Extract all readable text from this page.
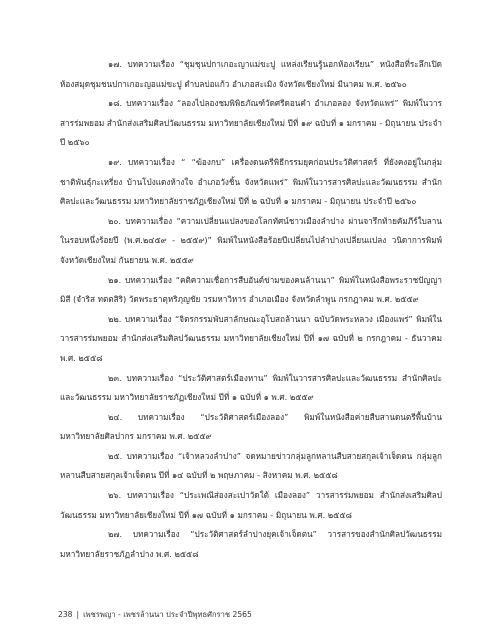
๑๗. บทความเรื่อง “ชุมชุนปกาเกอะญาแม่ขะปู แหล่งเรียนรู้นอกห้องเรียน” หนังสือที่ระลึกเปิดห้องสมุดชุมชนปกาเกอะญอแม่ขะปู ตำบลบ่อแก้ว อำเภอสะเมิง จังหวัดเชียงใหม่ มีนาคม พ.ศ. ๒๕๖๐

๑๘. บทความเรื่อง “ลองไปลองชมพิพิธภัณฑ์วัดศรีดอนคำ อำเภอลอง จังหวัดแพร่” พิมพ์ในวารสารร่มพยอม สำนักส่งเสริมศิลปวัฒนธรรม มหาวิทยาลัยเชียงใหม่ ปีที่ ๑๙ ฉบับที่ ๑ มกราคม - มิถุนายน ประจำปี ๒๕๖๐

๑๙. บทความเรื่อง “ “ฆ้องกบ” เครื่องดนตรีพิธีกรรมยุคก่อนประวัติศาสตร์ ที่ยังคงอยู่ในกลุ่มชาติพันธุ์กะเหรี่ยง บ้านโป่งแดงห้างใจ อำเภอวังชิ้น จังหวัดแพร่” พิมพ์ในวารสารศิลปะและวัฒนธรรม สำนักศิลปะและวัฒนธรรม มหาวิทยาลัยราชภัฏเชียงใหม่ ปีที่ ๒ ฉบับที่ ๑ มกราคม - มิถุนายน ประจำปี ๒๕๖๐

๒๐. บทความเรื่อง “ความเปลี่ยนแปลงของโลกทัศน์ชาวเมืองลำปาง ผ่านจารึกท้ายคัมภีร์ใบลานในรอบหนึ่งร้อยปี (พ.ศ.๒๔๕๙ - ๒๕๕๙)” พิมพ์ในหนังสือร้อยปีเปลี่ยนไปลำปางเปลี่ยนแปลง วนิดาการพิมพ์ จังหวัดเชียงใหม่ กันยายน พ.ศ. ๒๕๕๙

๒๑. บทความเรื่อง “คติความเชื่อการสืบอันต์ข่ามของคนล้านนา” พิมพ์ในหนังสือพระราชปัญญามิสี (จำริส ทตตสิริ) วัดพระธาตุหริภุญชัย วรมหาวิหาร อำเภอเมือง จังหวัดลำพูน กรกฎาคม พ.ศ. ๒๕๕๙

๒๒. บทความเรื่อง “จิตรกรรมพับสาลักษณะอุโบสถล้านนา ฉบับวัดพระหลวง เมืองแพร่” พิมพ์ในวารสารร่มพยอม สำนักส่งเสริมศิลปวัฒนธรรม มหาวิทยาลัยเชียงใหม่ ปีที่ ๑๗ ฉบับที่ ๒ กรกฎาคม - ธันวาคม พ.ศ. ๒๕๕๘

๒๓. บทความเรื่อง “ประวัติศาสตร์เมืองหาน” พิมพ์ในวารสารศิลปะและวัฒนธรรม สำนักศิลปะและวัฒนธรรม มหาวิทยาลัยราชภัฏเชียงใหม่ ปีที่ ๑ ฉบับที่ ๑ พ.ศ. ๒๕๕๙

๒๔. บทความเรื่อง “ประวัติศาสตร์เมืองลอง” พิมพ์ในหนังสือค่ายสืบสานดนตรีพื้นบ้าน มหาวิทยาลัยศิลปากร มกราคม พ.ศ. ๒๕๕๙

๒๕. บทความเรื่อง “เจ้าหลวงลำปาง” จดหมายข่าวกลุ่มลูกหลานสืบสายสกุลเจ้าเจ็ดตน กลุ่มลูกหลานสืบสายสกุลเจ้าเจ็ดตน ปีที่ ๑๔ ฉบับที่ ๒ พฤษภาคม - สิงหาคม พ.ศ. ๒๕๕๘

๒๖. บทความเรื่อง “ประเพณีส่องสะเปาวัดใต้ เมืองลอง” วารสารร่มพยอม สำนักส่งเสริมศิลปวัฒนธรรม มหาวิทยาลัยเชียงใหม่ ปีที่ ๑๗ ฉบับที่ ๑ มกราคม - มิถุนายน พ.ศ. ๒๕๕๘

๒๗. บทความเรื่อง “ประวัติศาสตร์ลำปางยุคเจ้าเจ็ดตน” วารสารของสำนักศิลปวัฒนธรรม มหาวิทยาลัยราชภัฏลำปาง พ.ศ. ๒๕๕๘

238 | เพชรพญา - เพชรล้านนา ประจำปีพุทธศักราช 2565
